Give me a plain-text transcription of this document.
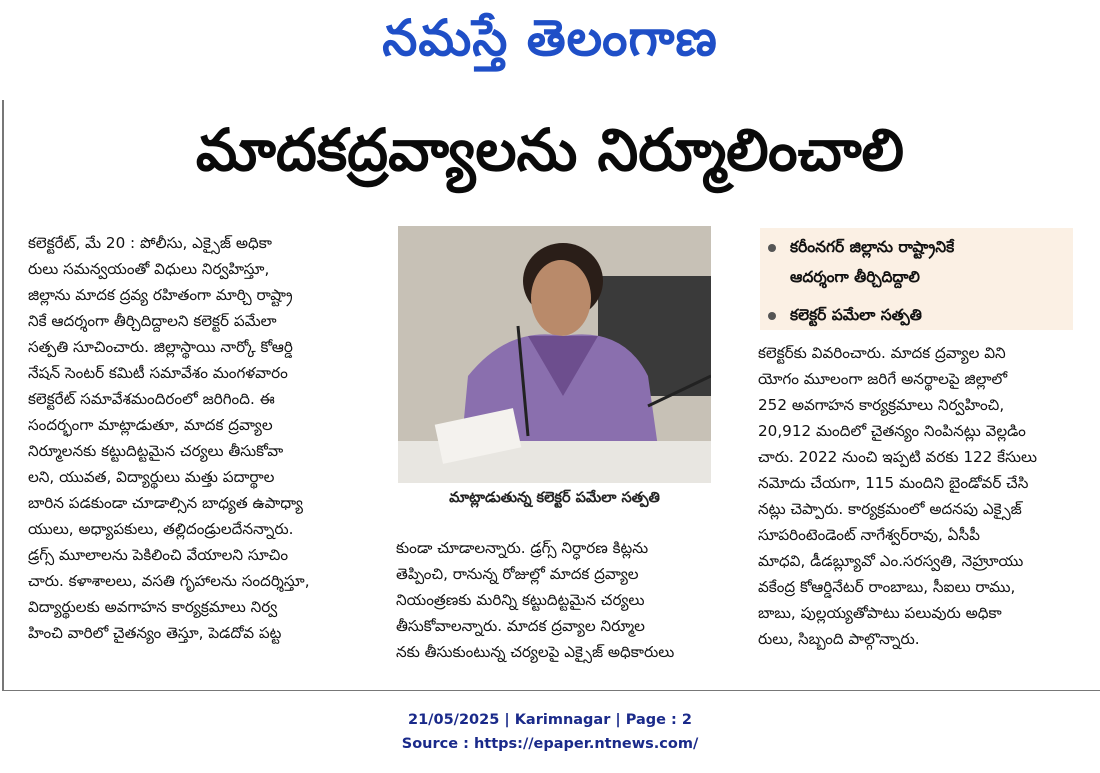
నమస్తే తెలంగాణ
మాదకద్రవ్యాలను నిర్మూలించాలి

కలెక్టరేట్, మే 20 : పోలీసు, ఎక్సైజ్ అధికా

రులు సమన్వయంతో విధులు నిర్వహిస్తూ,

జిల్లాను మాదక ద్రవ్య రహితంగా మార్చి రాష్ట్రా

నికే ఆదర్శంగా తీర్చిదిద్దాలని కలెక్టర్ పమేలా

సత్పతి సూచించారు. జిల్లాస్థాయి నార్కో కోఆర్డి

నేషన్ సెంటర్ కమిటీ సమావేశం మంగళవారం

కలెక్టరేట్ సమావేశమందిరంలో జరిగింది. ఈ

సందర్భంగా మాట్లాడుతూ, మాదక ద్రవ్యాల

నిర్మూలనకు కట్టుదిట్టమైన చర్యలు తీసుకోవా

లని, యువత, విద్యార్థులు మత్తు పదార్థాల

బారిన పడకుండా చూడాల్సిన బాధ్యత ఉపాధ్యా

యులు, అధ్యాపకులు, తల్లిదండ్రులదేనన్నారు.

డ్రగ్స్ మూలాలను పెకిలించి వేయాలని సూచిం

చారు. కళాశాలలు, వసతి గృహాలను సందర్శిస్తూ,

విద్యార్థులకు అవగాహన కార్యక్రమాలు నిర్వ

హించి వారిలో చైతన్యం తెస్తూ, పెడదోవ పట్ట

మాట్లాడుతున్న కలెక్టర్ పమేలా సత్పతి
కరీంనగర్ జిల్లాను రాష్ట్రానికే
ఆదర్శంగా తీర్చిదిద్దాలి
కలెక్టర్ పమేలా సత్పతి

కుండా చూడాలన్నారు. డ్రగ్స్ నిర్ధారణ కిట్లను

తెప్పించి, రానున్న రోజుల్లో మాదక ద్రవ్యాల

నియంత్రణకు మరిన్ని కట్టుదిట్టమైన చర్యలు

తీసుకోవాలన్నారు. మాదక ద్రవ్యాల నిర్మూల

నకు తీసుకుంటున్న చర్యలపై ఎక్సైజ్ అధికారులు

కలెక్టర్‌కు వివరించారు. మాదక ద్రవ్యాల విని

యోగం మూలంగా జరిగే అనర్థాలపై జిల్లాలో

252 అవగాహన కార్యక్రమాలు నిర్వహించి,

20,912 మందిలో చైతన్యం నింపినట్లు వెల్లడిం

చారు. 2022 నుంచి ఇప్పటి వరకు 122 కేసులు

నమోదు చేయగా, 115 మందిని బైండోవర్ చేసి

నట్లు చెప్పారు. కార్యక్రమంలో అదనపు ఎక్సైజ్

సూపరింటెండెంట్ నాగేశ్వర్‌రావు, ఏసీపీ

మాధవి, డీడబ్ల్యూవో ఎం.సరస్వతి, నెహ్రూయు

వకేంద్ర కోఆర్డినేటర్ రాంబాబు, సీఐలు రాము,

బాబు, పుల్లయ్యతోపాటు పలువురు అధికా

రులు, సిబ్బంది పాల్గొన్నారు.

21/05/2025 | Karimnagar | Page : 2
Source : https://epaper.ntnews.com/
